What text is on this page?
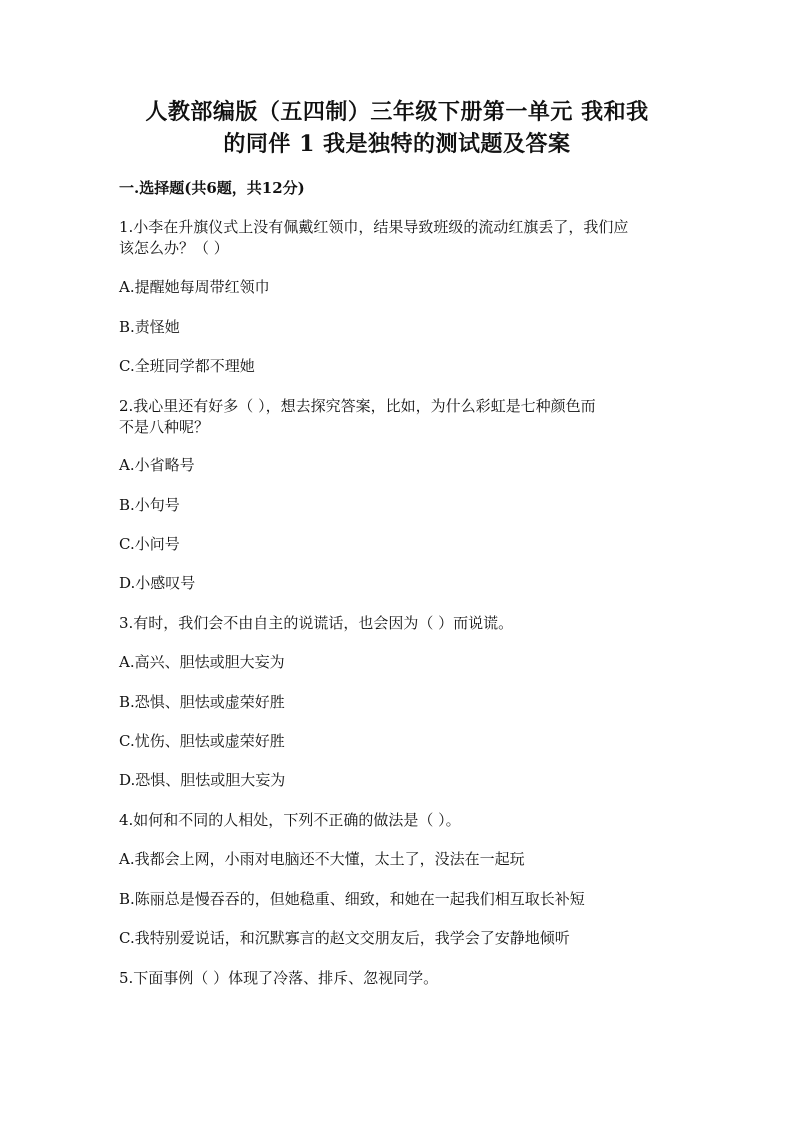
人教部编版（五四制）三年级下册第一单元 我和我
的同伴 1 我是独特的测试题及答案
一.选择题(共6题，共12分)
1.小李在升旗仪式上没有佩戴红领巾，结果导致班级的流动红旗丢了，我们应
该怎么办？（ ）
A.提醒她每周带红领巾
B.责怪她
C.全班同学都不理她
2.我心里还有好多（ ），想去探究答案，比如，为什么彩虹是七种颜色而
不是八种呢？
A.小省略号
B.小句号
C.小问号
D.小感叹号
3.有时，我们会不由自主的说谎话，也会因为（ ）而说谎。
A.高兴、胆怯或胆大妄为
B.恐惧、胆怯或虚荣好胜
C.忧伤、胆怯或虚荣好胜
D.恐惧、胆怯或胆大妄为
4.如何和不同的人相处，下列不正确的做法是（ ）。
A.我都会上网，小雨对电脑还不大懂，太土了，没法在一起玩
B.陈丽总是慢吞吞的，但她稳重、细致，和她在一起我们相互取长补短
C.我特别爱说话，和沉默寡言的赵文交朋友后，我学会了安静地倾听
5.下面事例（ ）体现了冷落、排斥、忽视同学。
